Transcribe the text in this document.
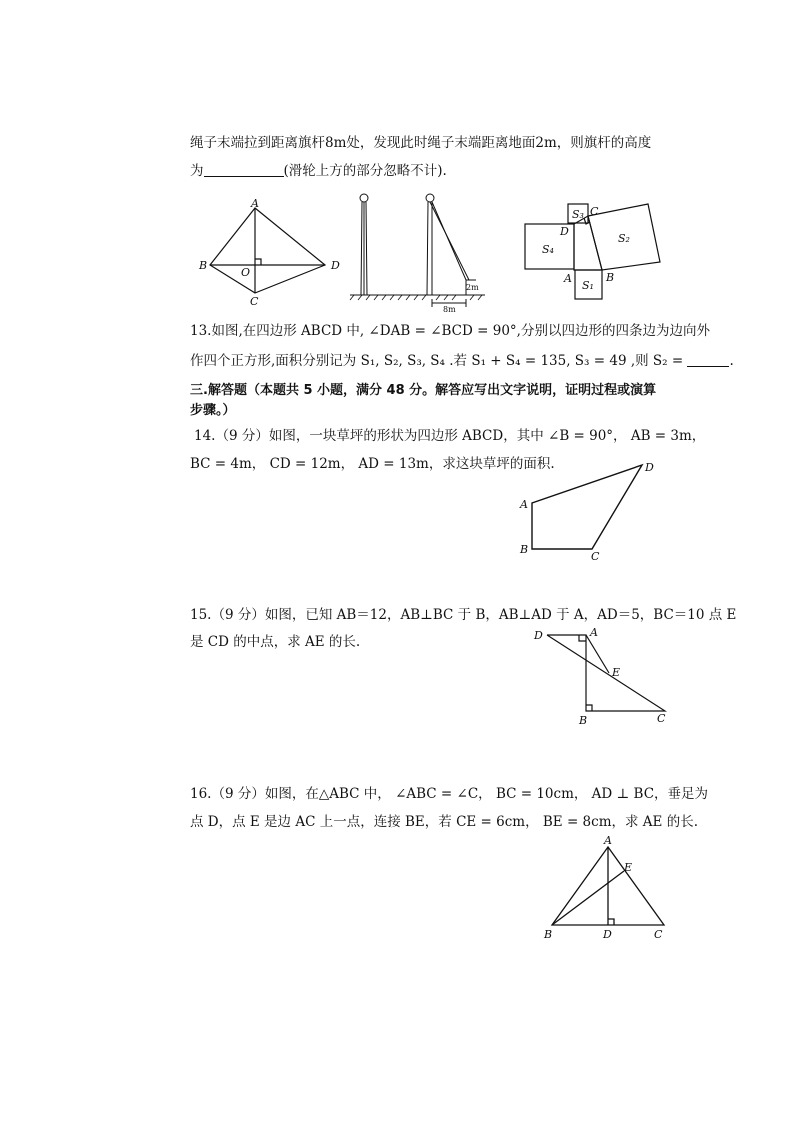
绳子末端拉到距离旗杆8m处，发现此时绳子末端距离地面2m，则旗杆的高度
为	(滑轮上方的部分忽略不计).
A
B
C
D
O
2m
8m
C
D
A	B
S₃
S₄
S₂
S₁
13.如图,在四边形 ABCD 中, ∠DAB = ∠BCD = 90°,分别以四边形的四条边为边向外
作四个正方形,面积分别记为 S₁, S₂, S₃, S₄ .若 S₁ + S₄ = 135, S₃ = 49 ,则 S₂ =	.
三.解答题（本题共 5 小题，满分 48 分。解答应写出文字说明，证明过程或演算
步骤。）
14.（9 分）如图，一块草坪的形状为四边形 ABCD，其中 ∠B = 90°， AB = 3m，
BC = 4m， CD = 12m， AD = 13m，求这块草坪的面积.
A
B
C
D
15.（9 分）如图，已知 AB＝12，AB⊥BC 于 B，AB⊥AD 于 A，AD＝5，BC＝10 点 E
是 CD 的中点，求 AE 的长.	D	A
E
B	C
16.（9 分）如图，在△ABC 中， ∠ABC = ∠C， BC = 10cm， AD ⊥ BC，垂足为
点 D，点 E 是边 AC 上一点，连接 BE，若 CE = 6cm， BE = 8cm，求 AE 的长.
A
E
B	D	C
